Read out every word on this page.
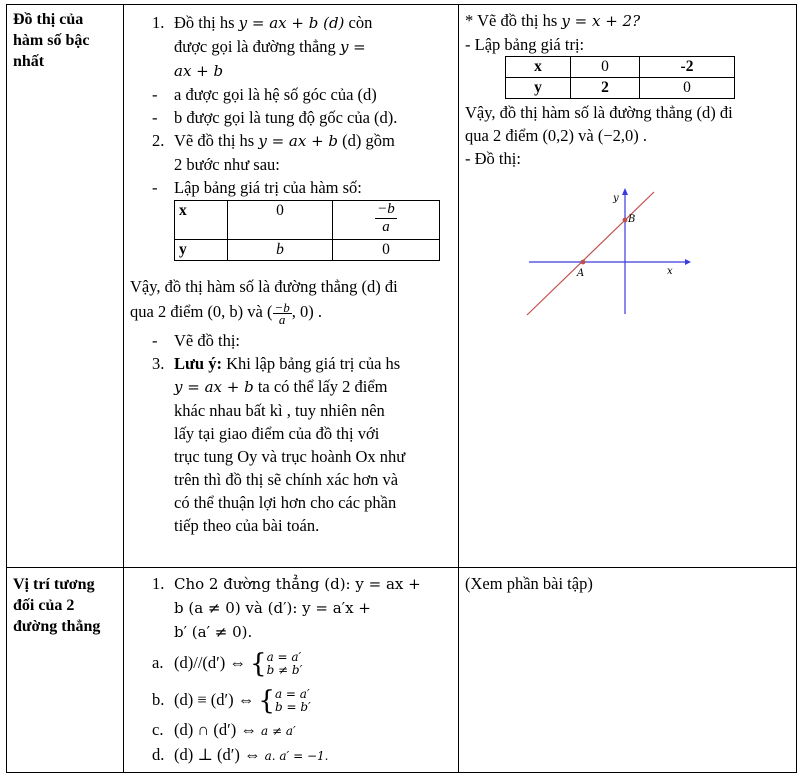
Đồ thị của hàm số bậc nhất

1. Đồ thị hs y = ax + b (d) còn
được gọi là đường thẳng y =
ax + b
- a được gọi là hệ số góc của (d)
- b được gọi là tung độ gốc của (d).
2. Vẽ đồ thị hs y = ax + b (d) gồm
2 bước như sau:
- Lập bảng giá trị của hàm số:
x	0	$\frac{-b}{a}$

y	b	0
Vậy, đồ thị hàm số là đường thẳng (d) đi
qua 2 điểm (0, b) và ( $\frac{-b}{a}$ , 0) .
- Vẽ đồ thị:
3. Lưu ý: Khi lập bảng giá trị của hs
y = ax + b ta có thể lấy 2 điểm
khác nhau bất kì , tuy nhiên nên
lấy tại giao điểm của đồ thị với
trục tung Oy và trục hoành Ox như
trên thì đồ thị sẽ chính xác hơn và
có thể thuận lợi hơn cho các phần
tiếp theo của bài toán.

* Vẽ đồ thị hs y = x + 2?
- Lập bảng giá trị:
x	0	-2
y	2	0
Vậy, đồ thị hàm số là đường thẳng (d) đi
qua 2 điểm (0,2) và (−2,0) .
- Đồ thị:
A
B
y
x

Vị trí tương đối của 2 đường thẳng

1. Cho 2 đường thẳng (d): y = ax +
b (a ≠ 0) và (d′): y = a′x +
b′ (a′ ≠ 0).
a. (d)//(d′) ⇔ { a = a′
b ≠ b′
b. (d) ≡ (d′) ⇔ { a = a′
b = b′
c. (d) ∩ (d′) ⇔ a ≠ a′
d. (d) ⊥ (d′) ⇔ a. a′ = −1.

(Xem phần bài tập)
